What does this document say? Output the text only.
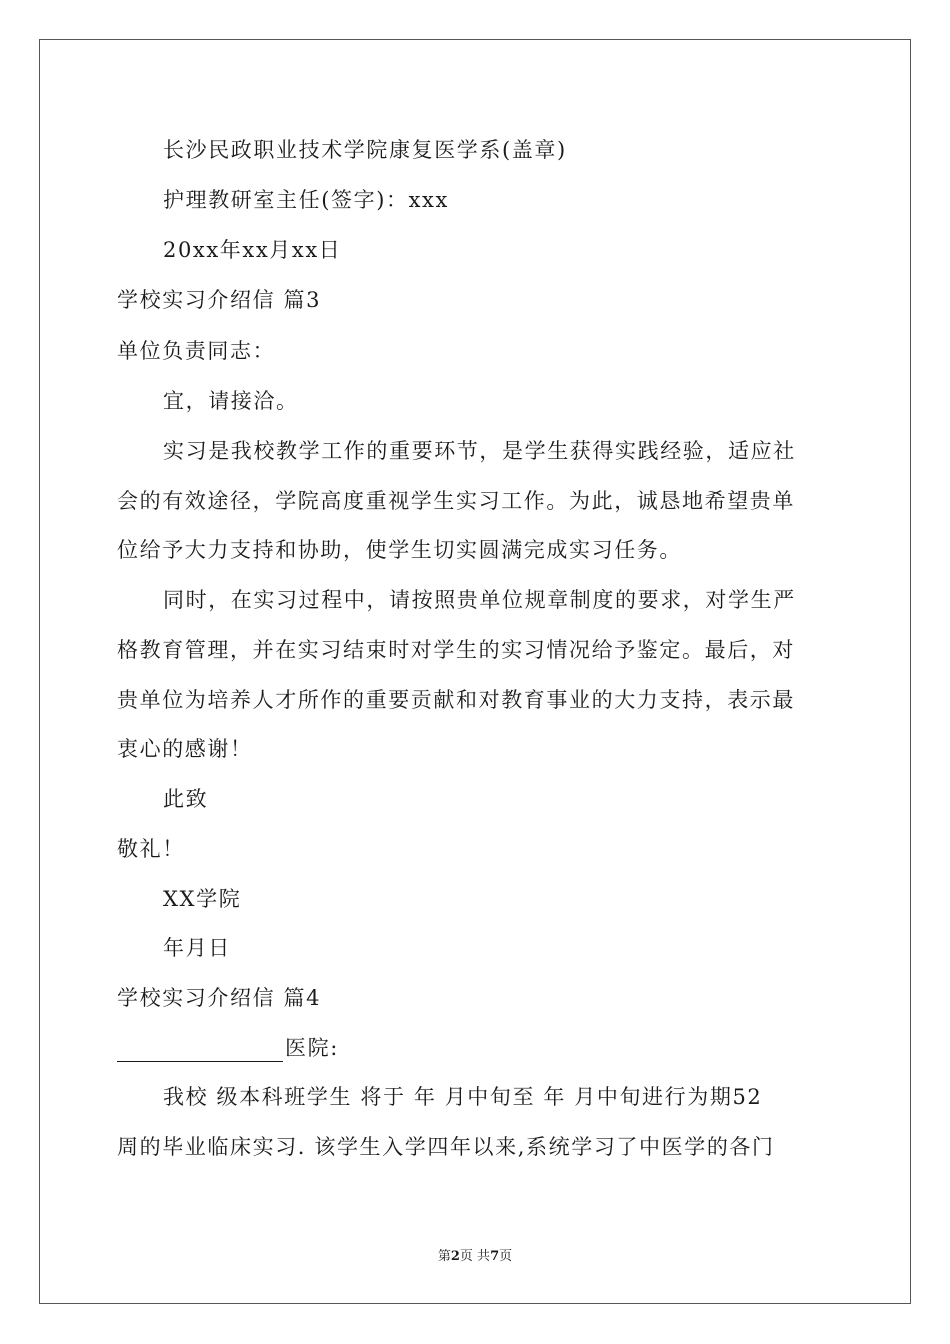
长沙民政职业技术学院康复医学系(盖章)
护理教研室主任(签字)：xxx
20xx年xx月xx日
学校实习介绍信 篇3
单位负责同志：
宜，请接洽。
实习是我校教学工作的重要环节，是学生获得实践经验，适应社
会的有效途径，学院高度重视学生实习工作。为此，诚恳地希望贵单
位给予大力支持和协助，使学生切实圆满完成实习任务。
同时，在实习过程中，请按照贵单位规章制度的要求，对学生严
格教育管理，并在实习结束时对学生的实习情况给予鉴定。最后，对
贵单位为培养人才所作的重要贡献和对教育事业的大力支持，表示最
衷心的感谢！
此致
敬礼！
XX学院
年月日
学校实习介绍信 篇4
医院:
我校 级本科班学生 将于 年 月中旬至 年 月中旬进行为期52
周的毕业临床实习. 该学生入学四年以来,系统学习了中医学的各门
第2页 共7页
